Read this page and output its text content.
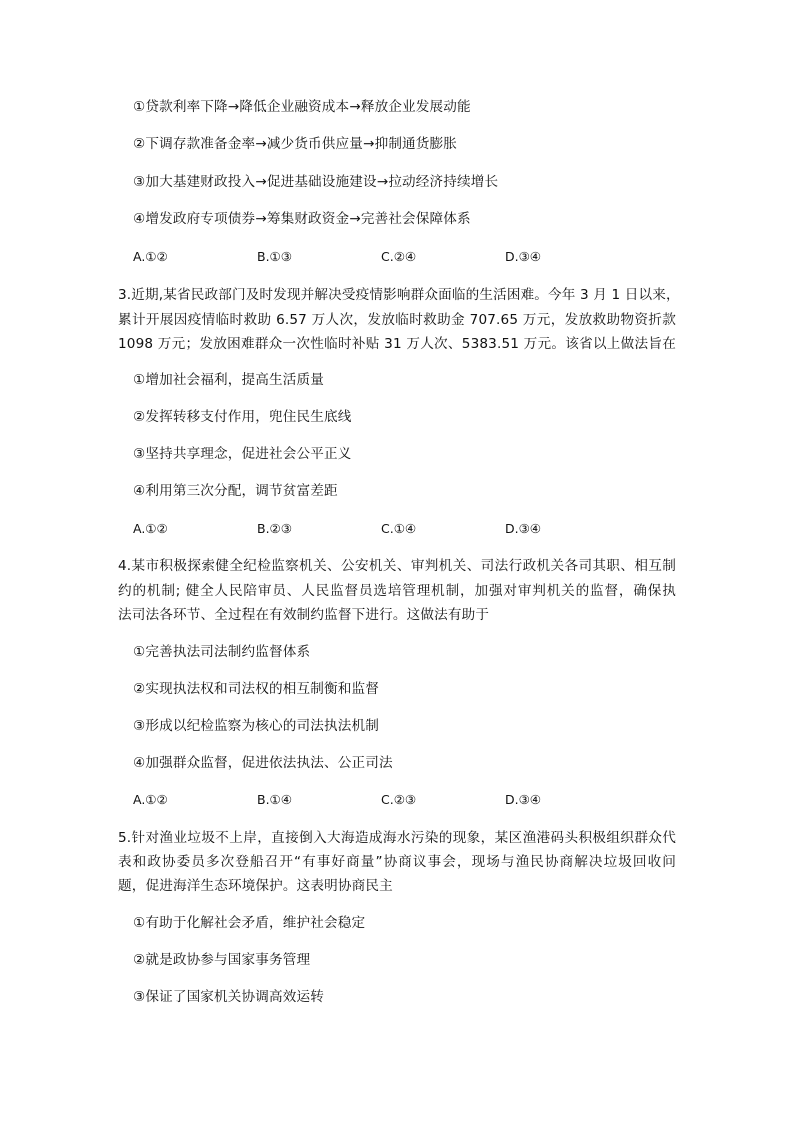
①贷款利率下降→降低企业融资成本→释放企业发展动能
②下调存款准备金率→减少货币供应量→抑制通货膨胀
③加大基建财政投入→促进基础设施建设→拉动经济持续增长
④增发政府专项债券→筹集财政资金→完善社会保障体系
A.①②	B.①③	C.②④	D.③④
3.近期,某省民政部门及时发现并解决受疫情影响群众面临的生活困难。今年 3 月 1 日以来，
累计开展因疫情临时救助 6.57 万人次，发放临时救助金 707.65 万元，发放救助物资折款
1098 万元；发放困难群众一次性临时补贴 31 万人次、5383.51 万元。该省以上做法旨在
①增加社会福利，提高生活质量
②发挥转移支付作用，兜住民生底线
③坚持共享理念，促进社会公平正义
④利用第三次分配，调节贫富差距
A.①②	B.②③	C.①④	D.③④
4.某市积极探索健全纪检监察机关、公安机关、审判机关、司法行政机关各司其职、相互制
约的机制; 健全人民陪审员、人民监督员选培管理机制，加强对审判机关的监督，确保执
法司法各环节、全过程在有效制约监督下进行。这做法有助于
①完善执法司法制约监督体系
②实现执法权和司法权的相互制衡和监督
③形成以纪检监察为核心的司法执法机制
④加强群众监督，促进依法执法、公正司法
A.①②	B.①④	C.②③	D.③④
5.针对渔业垃圾不上岸，直接倒入大海造成海水污染的现象，某区渔港码头积极组织群众代
表和政协委员多次登船召开“有事好商量”协商议事会，现场与渔民协商解决垃圾回收问
题，促进海洋生态环境保护。这表明协商民主
①有助于化解社会矛盾，维护社会稳定
②就是政协参与国家事务管理
③保证了国家机关协调高效运转
